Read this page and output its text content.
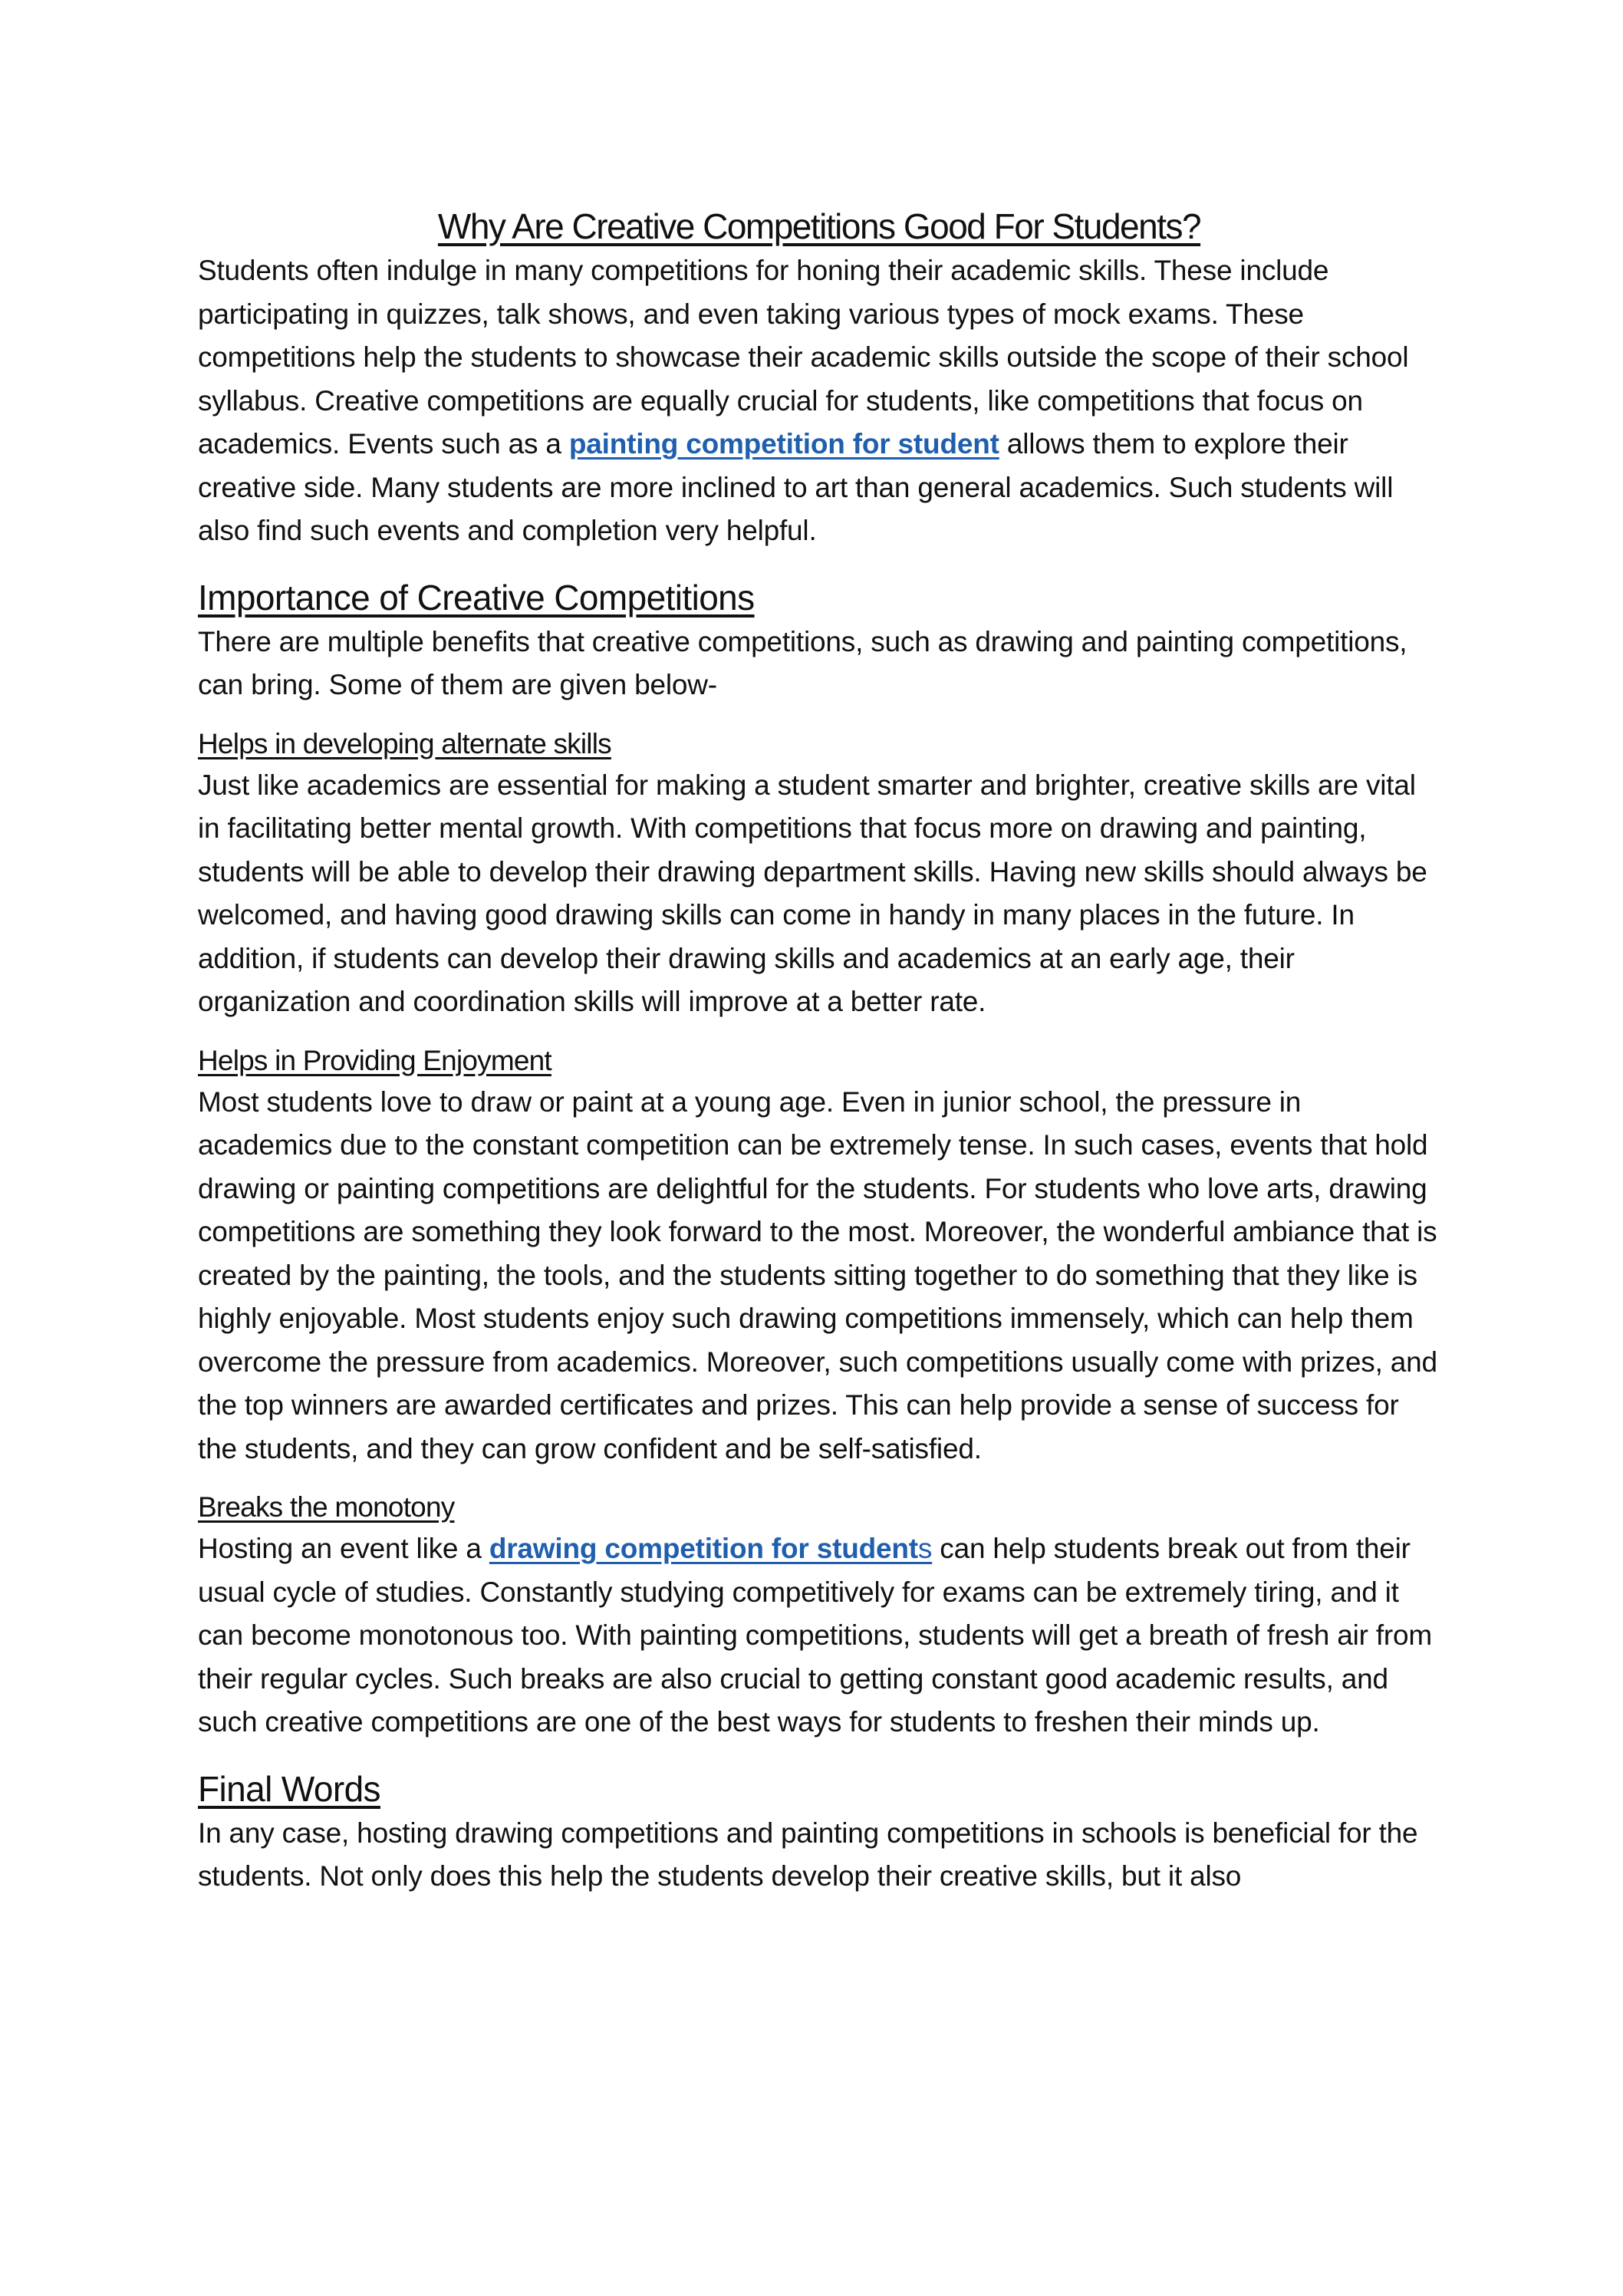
Why Are Creative Competitions Good For Students?

Students often indulge in many competitions for honing their academic skills. These include participating in quizzes, talk shows, and even taking various types of mock exams. These competitions help the students to showcase their academic skills outside the scope of their school syllabus. Creative competitions are equally crucial for students, like competitions that focus on academics. Events such as a painting competition for student allows them to explore their creative side. Many students are more inclined to art than general academics. Such students will also find such events and completion very helpful.

Importance of Creative Competitions

There are multiple benefits that creative competitions, such as drawing and painting competitions, can bring. Some of them are given below-

Helps in developing alternate skills

Just like academics are essential for making a student smarter and brighter, creative skills are vital in facilitating better mental growth. With competitions that focus more on drawing and painting, students will be able to develop their drawing department skills. Having new skills should always be welcomed, and having good drawing skills can come in handy in many places in the future. In addition, if students can develop their drawing skills and academics at an early age, their organization and coordination skills will improve at a better rate.

Helps in Providing Enjoyment

Most students love to draw or paint at a young age. Even in junior school, the pressure in academics due to the constant competition can be extremely tense. In such cases, events that hold drawing or painting competitions are delightful for the students. For students who love arts, drawing competitions are something they look forward to the most. Moreover, the wonderful ambiance that is created by the painting, the tools, and the students sitting together to do something that they like is highly enjoyable. Most students enjoy such drawing competitions immensely, which can help them overcome the pressure from academics. Moreover, such competitions usually come with prizes, and the top winners are awarded certificates and prizes. This can help provide a sense of success for the students, and they can grow confident and be self-satisfied.

Breaks the monotony

Hosting an event like a drawing competition for students can help students break out from their usual cycle of studies. Constantly studying competitively for exams can be extremely tiring, and it can become monotonous too. With painting competitions, students will get a breath of fresh air from their regular cycles. Such breaks are also crucial to getting constant good academic results, and such creative competitions are one of the best ways for students to freshen their minds up.

Final Words

In any case, hosting drawing competitions and painting competitions in schools is beneficial for the students. Not only does this help the students develop their creative skills, but it also
